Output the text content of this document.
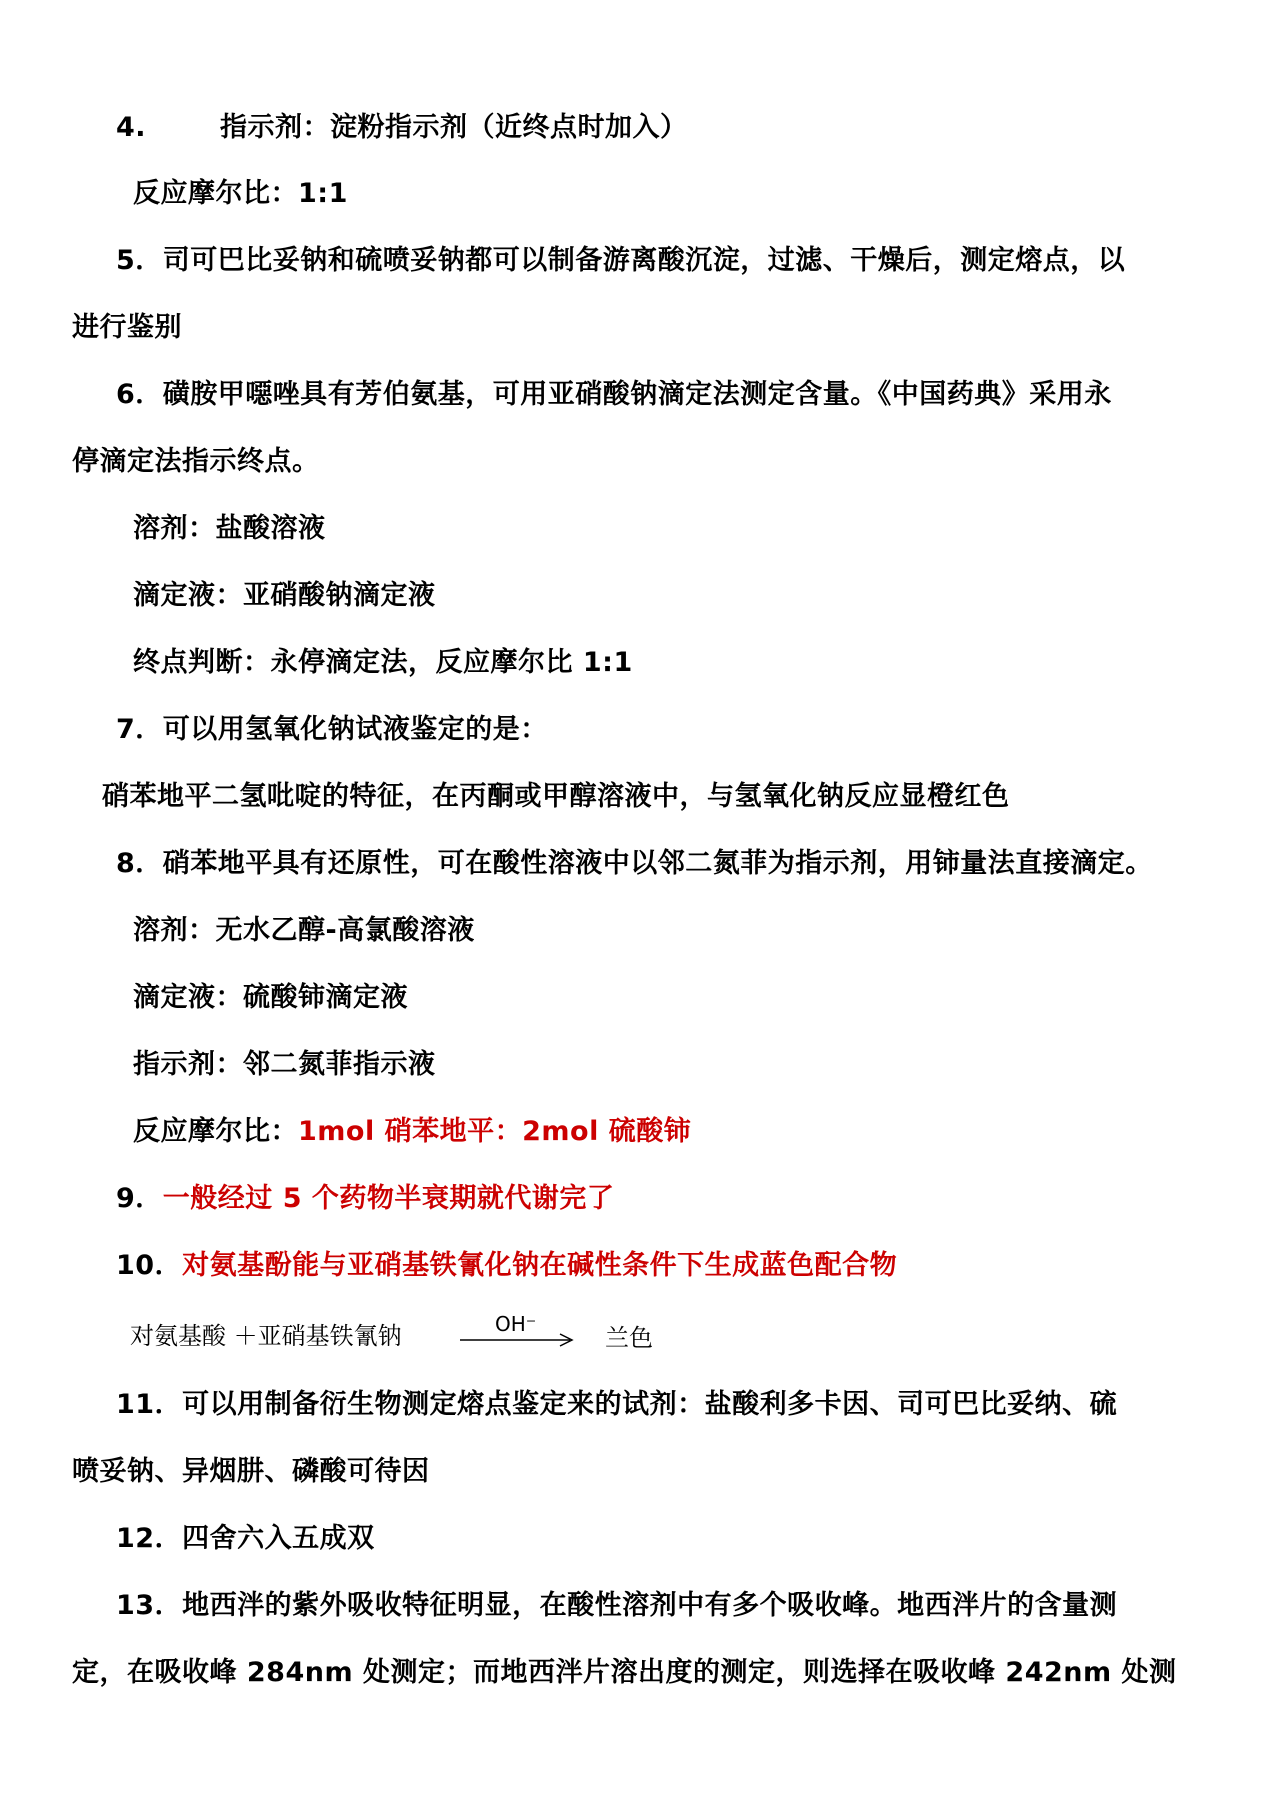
4.	指示剂：淀粉指示剂（近终点时加入）
反应摩尔比：1:1
5．司可巴比妥钠和硫喷妥钠都可以制备游离酸沉淀，过滤、干燥后，测定熔点，以
进行鉴别
6．磺胺甲噁唑具有芳伯氨基，可用亚硝酸钠滴定法测定含量。《中国药典》采用永
停滴定法指示终点。
溶剂：盐酸溶液
滴定液：亚硝酸钠滴定液
终点判断：永停滴定法，反应摩尔比 1:1
7．可以用氢氧化钠试液鉴定的是：
硝苯地平二氢吡啶的特征，在丙酮或甲醇溶液中，与氢氧化钠反应显橙红色
8．硝苯地平具有还原性，可在酸性溶液中以邻二氮菲为指示剂，用铈量法直接滴定。
溶剂：无水乙醇-高氯酸溶液
滴定液：硫酸铈滴定液
指示剂：邻二氮菲指示液
反应摩尔比：1mol 硝苯地平：2mol 硫酸铈
9．一般经过 5 个药物半衰期就代谢完了
10．对氨基酚能与亚硝基铁氰化钠在碱性条件下生成蓝色配合物
对氨基酸 ＋亚硝基铁氰钠	OH⁻	兰色
11．可以用制备衍生物测定熔点鉴定来的试剂：盐酸利多卡因、司可巴比妥纳、硫
喷妥钠、异烟肼、磷酸可待因
12．四舍六入五成双
13．地西泮的紫外吸收特征明显，在酸性溶剂中有多个吸收峰。地西泮片的含量测
定，在吸收峰 284nm 处测定；而地西泮片溶出度的测定，则选择在吸收峰 242nm 处测
